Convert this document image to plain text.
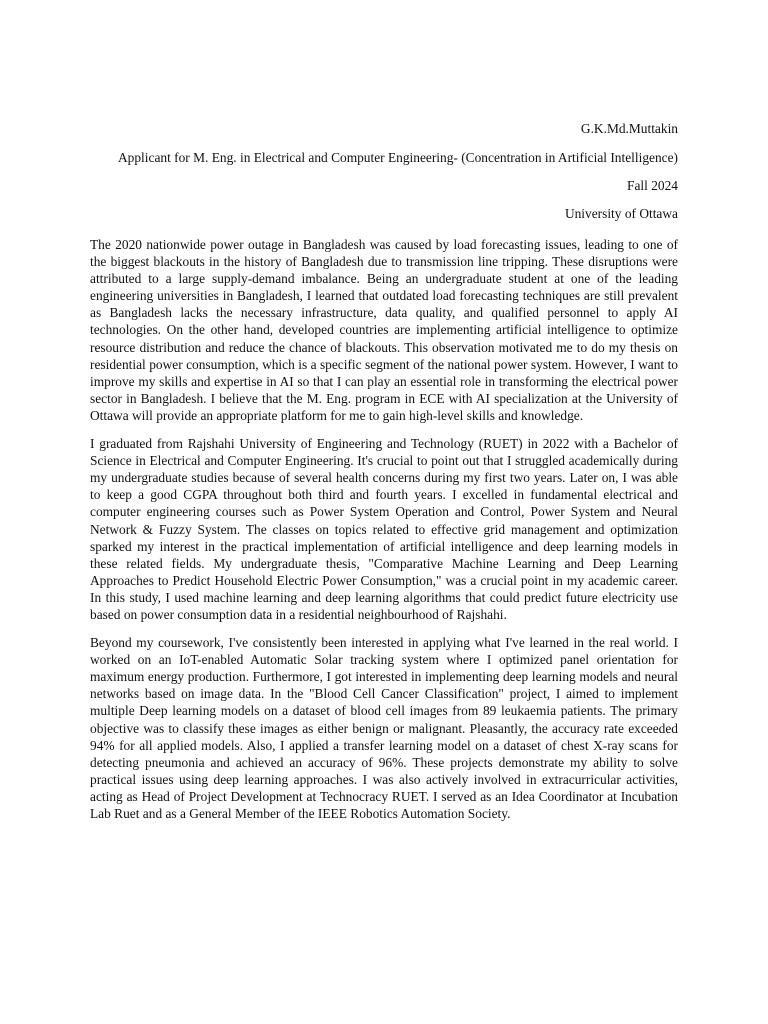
G.K.Md.Muttakin
Applicant for M. Eng. in Electrical and Computer Engineering- (Concentration in Artificial Intelligence)
Fall 2024
University of Ottawa

The 2020 nationwide power outage in Bangladesh was caused by load forecasting issues, leading to one of the biggest blackouts in the history of Bangladesh due to transmission line tripping. These disruptions were attributed to a large supply-demand imbalance. Being an undergraduate student at one of the leading engineering universities in Bangladesh, I learned that outdated load forecasting techniques are still prevalent as Bangladesh lacks the necessary infrastructure, data quality, and qualified personnel to apply AI technologies. On the other hand, developed countries are implementing artificial intelligence to optimize resource distribution and reduce the chance of blackouts. This observation motivated me to do my thesis on residential power consumption, which is a specific segment of the national power system. However, I want to improve my skills and expertise in AI so that I can play an essential role in transforming the electrical power sector in Bangladesh. I believe that the M. Eng. program in ECE with AI specialization at the University of Ottawa will provide an appropriate platform for me to gain high-level skills and knowledge.

I graduated from Rajshahi University of Engineering and Technology (RUET) in 2022 with a Bachelor of Science in Electrical and Computer Engineering. It's crucial to point out that I struggled academically during my undergraduate studies because of several health concerns during my first two years. Later on, I was able to keep a good CGPA throughout both third and fourth years. I excelled in fundamental electrical and computer engineering courses such as Power System Operation and Control, Power System and Neural Network & Fuzzy System. The classes on topics related to effective grid management and optimization sparked my interest in the practical implementation of artificial intelligence and deep learning models in these related fields. My undergraduate thesis, "Comparative Machine Learning and Deep Learning Approaches to Predict Household Electric Power Consumption," was a crucial point in my academic career. In this study, I used machine learning and deep learning algorithms that could predict future electricity use based on power consumption data in a residential neighbourhood of Rajshahi.

Beyond my coursework, I've consistently been interested in applying what I've learned in the real world. I worked on an IoT-enabled Automatic Solar tracking system where I optimized panel orientation for maximum energy production. Furthermore, I got interested in implementing deep learning models and neural networks based on image data. In the "Blood Cell Cancer Classification" project, I aimed to implement multiple Deep learning models on a dataset of blood cell images from 89 leukaemia patients. The primary objective was to classify these images as either benign or malignant. Pleasantly, the accuracy rate exceeded 94% for all applied models. Also, I applied a transfer learning model on a dataset of chest X-ray scans for detecting pneumonia and achieved an accuracy of 96%. These projects demonstrate my ability to solve practical issues using deep learning approaches. I was also actively involved in extracurricular activities, acting as Head of Project Development at Technocracy RUET. I served as an Idea Coordinator at Incubation Lab Ruet and as a General Member of the IEEE Robotics Automation Society.
